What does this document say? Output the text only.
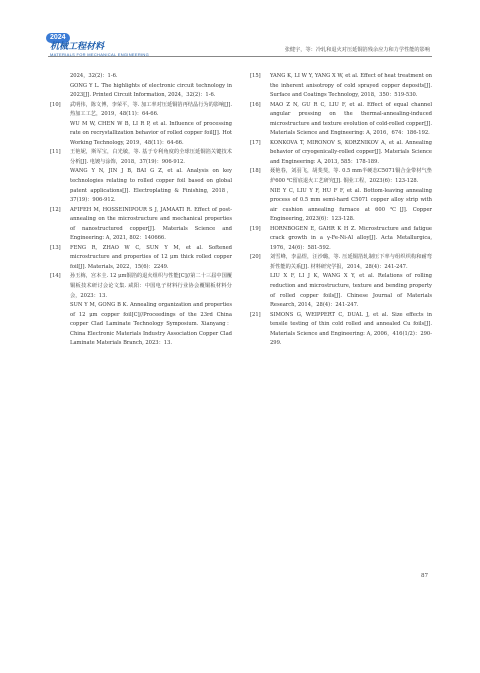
2024
机械工程材料
MATERIALS FOR MECHANICAL ENGINEERING
张健宇，等：冷轧和退火对压延铜箔残余应力和力学性能的影响
2024，32(2)：1-6.
GONG Y L. The highlights of electronic circuit technology in 2023[J]. Printed Circuit Information, 2024，32(2)：1-6.
[10] 武明伟，陈文博，李荣平，等. 加工率对压延铜箔再结晶行为的影响[J]. 热加工工艺，2019，48(11)：64-66.
WU M W, CHEN W B, LI R P, et al. Influence of processing rate on recrystallization behavior of rolled copper foil[J]. Hot Working Technology, 2019，48(11)：64-66.
[11] 王艳妮，斯军宝，白光敏，等. 基于专利角度的全球压延铜箔关键技术分析[J]. 电镀与涂饰，2018，37(19)：906-912.
WANG Y N, JIN J B, BAI G Z, et al. Analysis on key technologies relating to rolled copper foil based on global patent applications[J]. Electroplating & Finishing, 2018，37(19)：906-912.
[12] AFIFEH M, HOSSEINIPOUR S J, JAMAATI R. Effect of post-annealing on the microstructure and mechanical properties of nanostructured copper[J]. Materials Science and Engineering: A, 2021, 802：140666.
[13] FENG R, ZHAO W C, SUN Y M, et al. Softened microstructure and properties of 12 μm thick rolled copper foil[J]. Materials, 2022，15(6)：2249.
[14] 孙玉梅，宫本圭. 12 μm铜箔的退火组织与性能[C]//第二十三届中国覆铜板技术研讨会论文集. 咸阳：中国电子材料行业协会覆铜板材料分会，2023：13.
SUN Y M, GONG B K. Annealing organization and properties of 12 μm copper foil[C]//Proceedings of the 23rd China copper Clad Laminate Technology Symposium. Xianyang：China Electronic Materials Industry Association Copper Clad Laminate Materials Branch, 2023：13.
[15] YANG K, LI W Y, YANG X W, et al. Effect of heat treatment on the inherent anisotropy of cold sprayed copper deposits[J]. Surface and Coatings Technology, 2018，350：519-530.
[16] MAO Z N, GU R C, LIU F, et al. Effect of equal channel angular pressing on the thermal-annealing-induced microstructure and texture evolution of cold-rolled copper[J]. Materials Science and Engineering: A, 2016，674：186-192.
[17] KONKOVA T, MIRONOV S, KORZNIKOV A, et al. Annealing behavior of cryogenically-rolled copper[J]. Materials Science and Engineering: A, 2013, 585：178-189.
[18] 聂艳春，刘羽飞，胡斐斐，等. 0.5 mm半硬态C5071铜合金带材气垫炉600 ℃留底退火工艺研究[J]. 铜业工程，2023(6)：123-128.
NIE Y C, LIU Y F, HU F F, et al. Bottom-leaving annealing process of 0.5 mm semi-hard C5071 copper alloy strip with air cushion annealing furnace at 600 ℃[J]. Copper Engineering, 2023(6)：123-128.
[19] HORNBOGEN E, GAHR K H Z. Microstructure and fatigue crack growth in a γ-Fe-Ni-Al alloy[J]. Acta Metallurgica, 1976，24(6)：581-592.
[20] 刘雪峰，李晶煜，汪沙璐，等. 压延铜箔轧制压下率与组织织构和耐弯折性能的关系[J]. 材料研究学报，2014，28(4)：241-247.
LIU X F, LI J K, WANG X Y, et al. Relations of rolling reduction and microstructure, texture and bending property of rolled copper foils[J]. Chinese Journal of Materials Research, 2014，28(4)：241-247.
[21] SIMONS G, WEIPPERT C, DUAL J, et al. Size effects in tensile testing of thin cold rolled and annealed Cu foils[J]. Materials Science and Engineering: A, 2006，416(1/2)：290-299.
87
